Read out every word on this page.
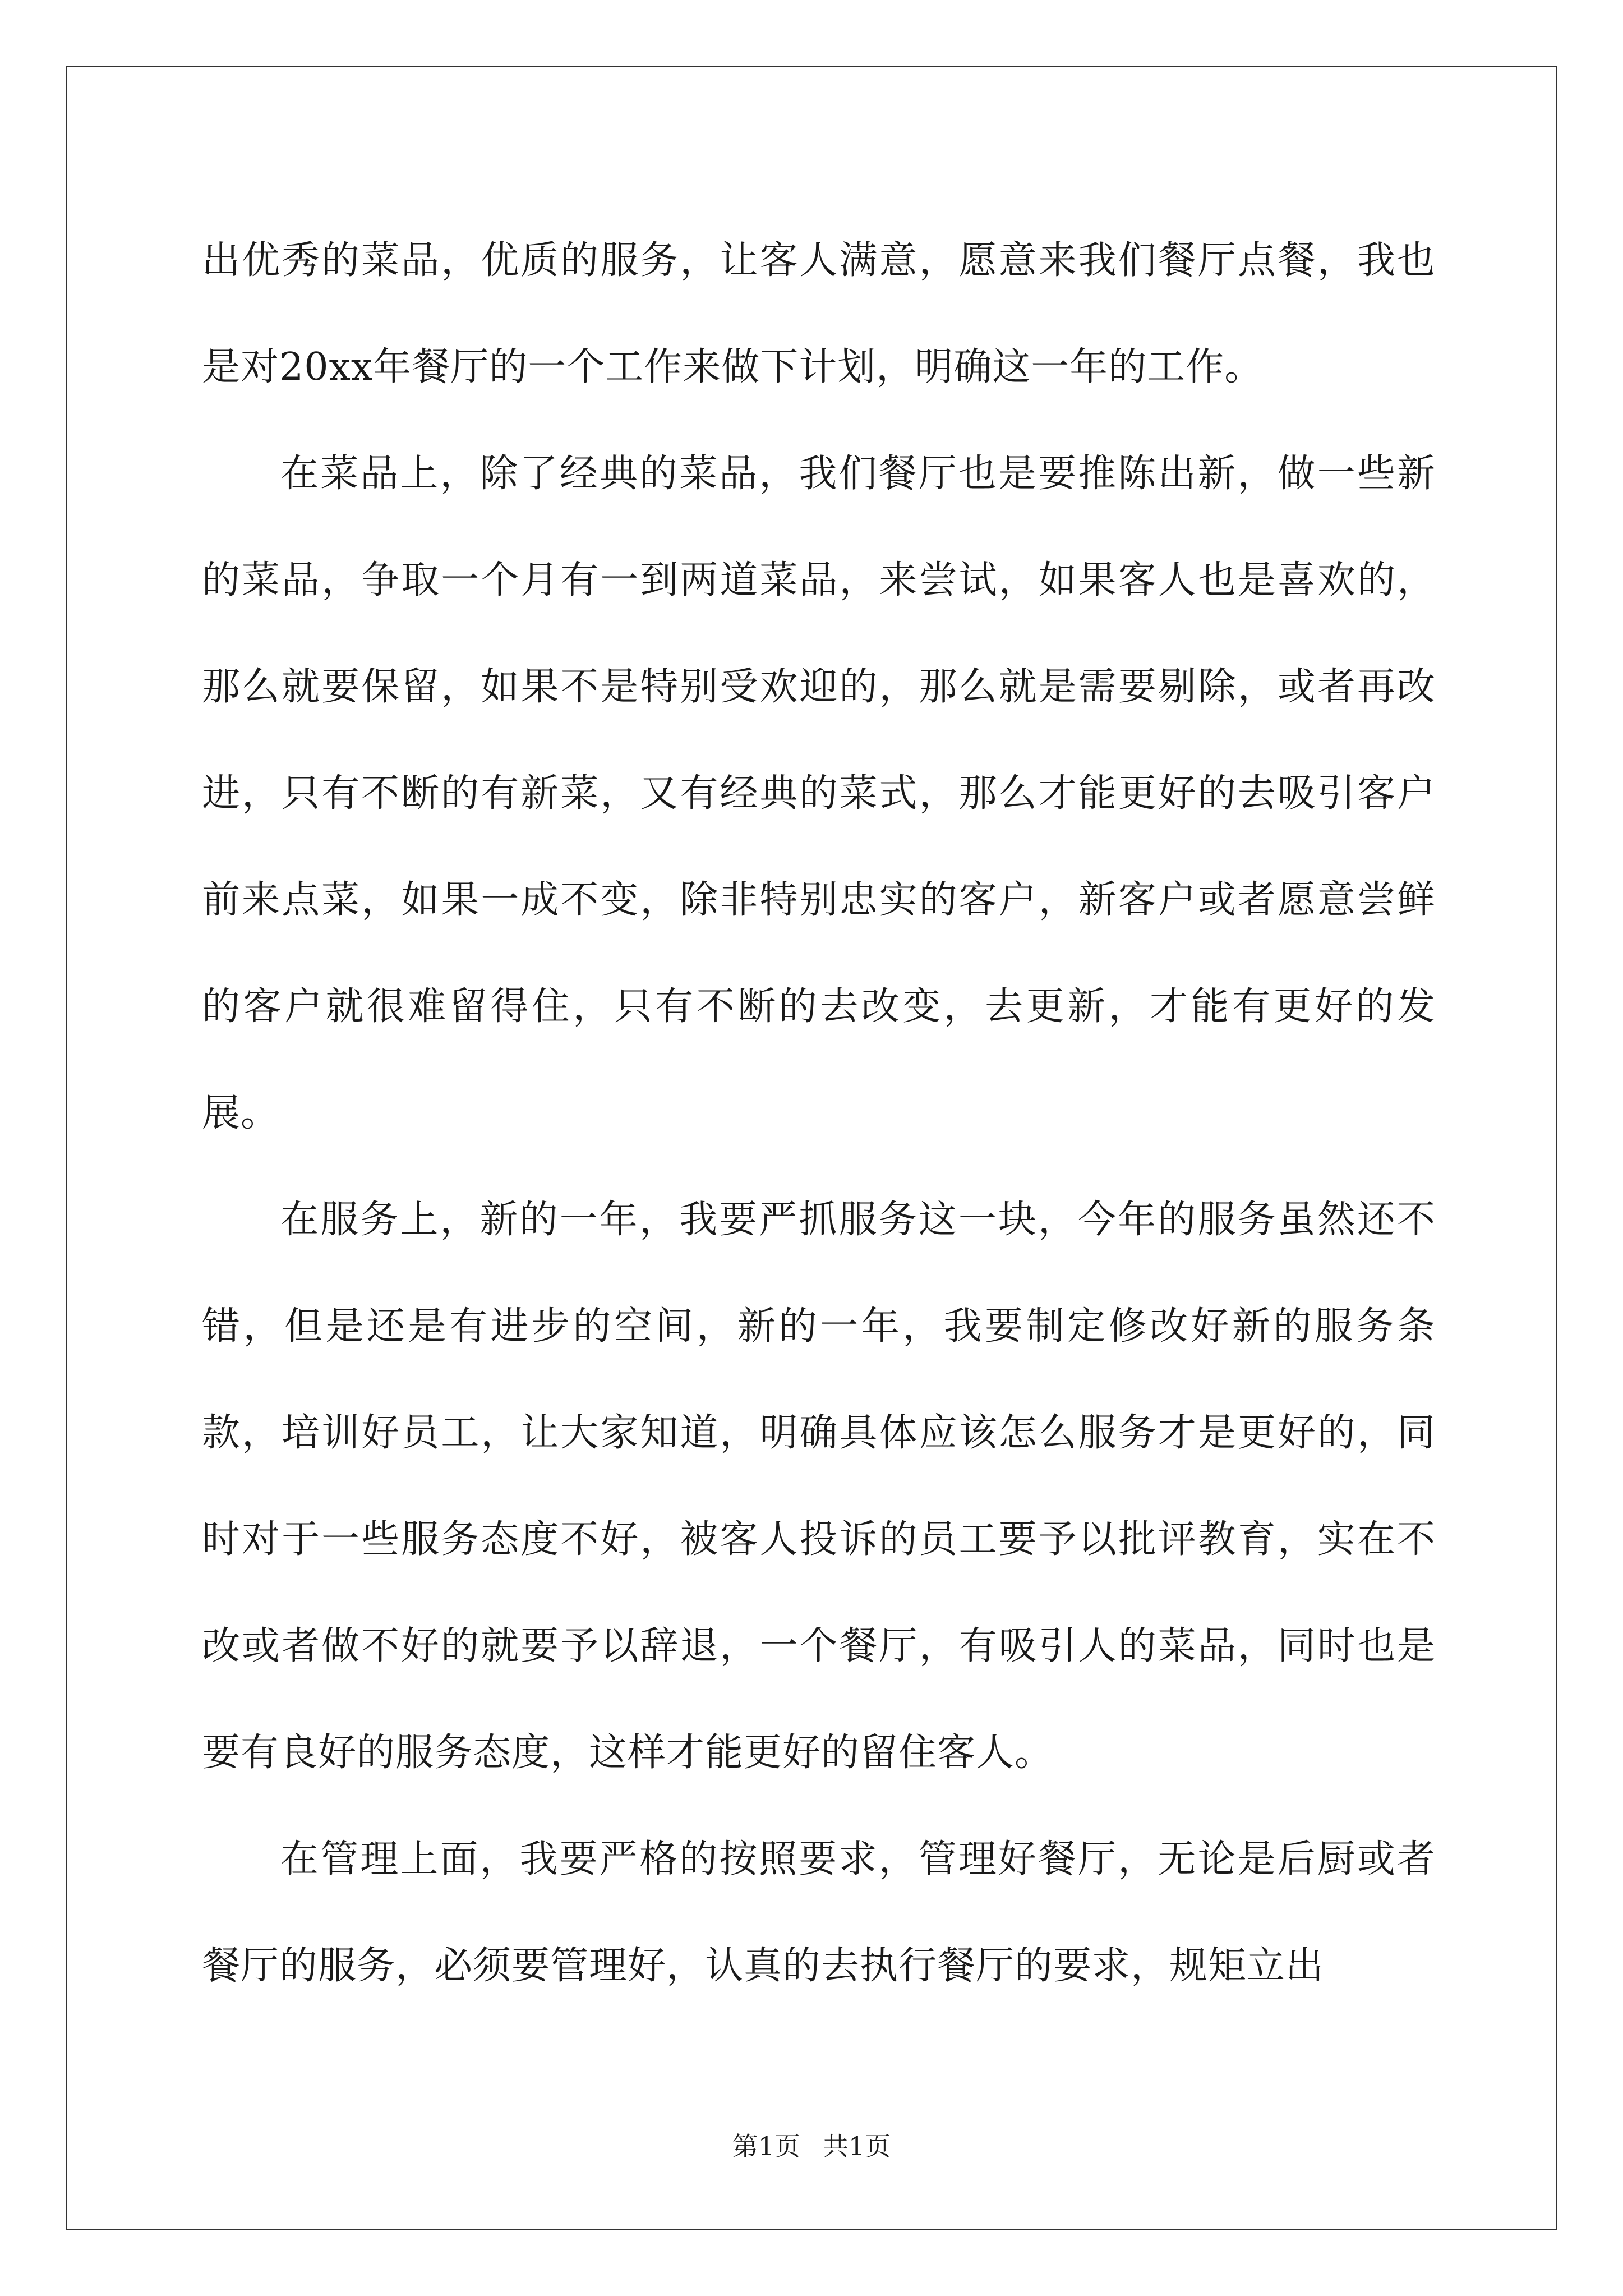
出优秀的菜品，优质的服务，让客人满意，愿意来我们餐厅点餐，我也是对20xx年餐厅的一个工作来做下计划，明确这一年的工作。

在菜品上，除了经典的菜品，我们餐厅也是要推陈出新，做一些新的菜品，争取一个月有一到两道菜品，来尝试，如果客人也是喜欢的，那么就要保留，如果不是特别受欢迎的，那么就是需要剔除，或者再改进，只有不断的有新菜，又有经典的菜式，那么才能更好的去吸引客户前来点菜，如果一成不变，除非特别忠实的客户，新客户或者愿意尝鲜的客户就很难留得住，只有不断的去改变，去更新，才能有更好的发展。

在服务上，新的一年，我要严抓服务这一块，今年的服务虽然还不错，但是还是有进步的空间，新的一年，我要制定修改好新的服务条款，培训好员工，让大家知道，明确具体应该怎么服务才是更好的，同时对于一些服务态度不好，被客人投诉的员工要予以批评教育，实在不改或者做不好的就要予以辞退，一个餐厅，有吸引人的菜品，同时也是要有良好的服务态度，这样才能更好的留住客人。

在管理上面，我要严格的按照要求，管理好餐厅，无论是后厨或者餐厅的服务，必须要管理好，认真的去执行餐厅的要求，规矩立出

第1页 共1页
